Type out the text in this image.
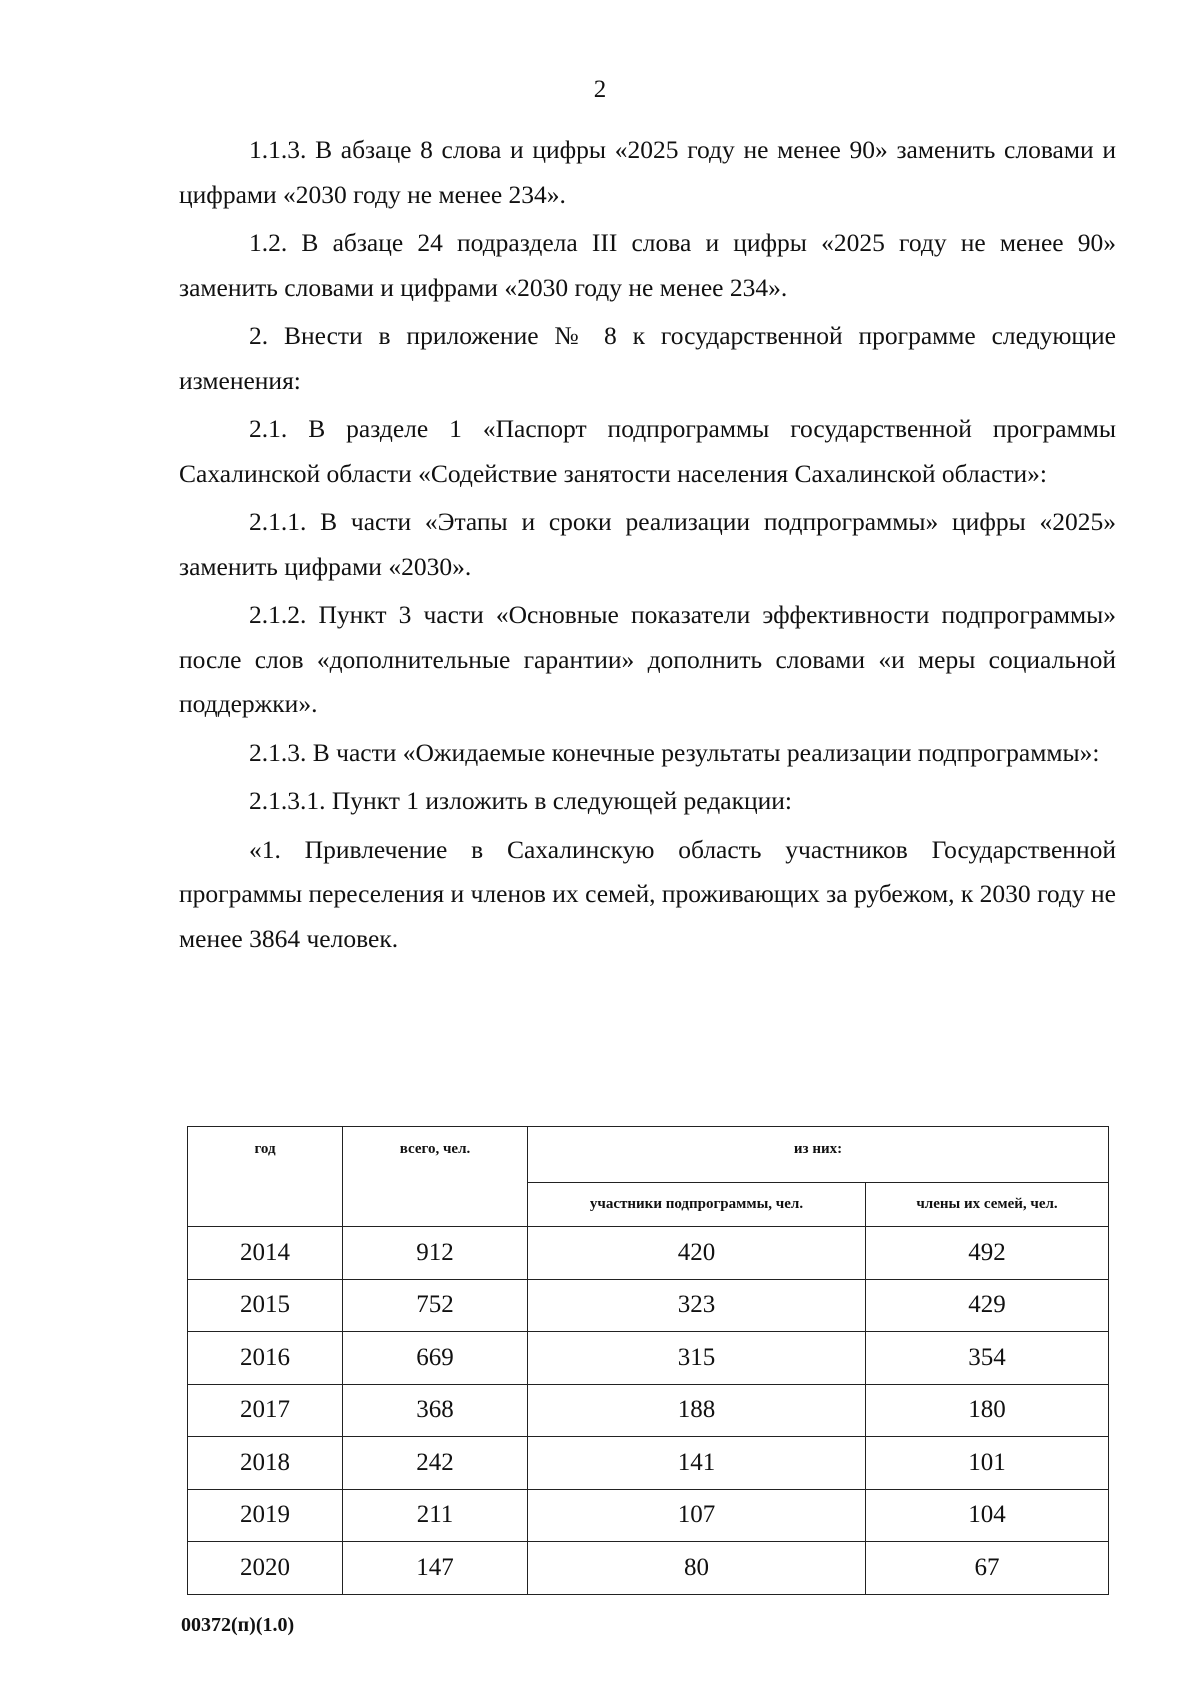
2

1.1.3. В абзаце 8 слова и цифры «2025 году не менее 90» заменить словами и цифрами «2030 году не менее 234».

1.2. В абзаце 24 подраздела III слова и цифры «2025 году не менее 90» заменить словами и цифрами «2030 году не менее 234».

2. Внести в приложение № 8 к государственной программе следующие изменения:

2.1. В разделе 1 «Паспорт подпрограммы государственной программы Сахалинской области «Содействие занятости населения Сахалинской области»:

2.1.1. В части «Этапы и сроки реализации подпрограммы» цифры «2025» заменить цифрами «2030».

2.1.2. Пункт 3 части «Основные показатели эффективности подпрограммы» после слов «дополнительные гарантии» дополнить словами «и меры социальной поддержки».

2.1.3. В части «Ожидаемые конечные результаты реализации подпрограммы»:

2.1.3.1. Пункт 1 изложить в следующей редакции:

«1. Привлечение в Сахалинскую область участников Государственной программы переселения и членов их семей, проживающих за рубежом, к 2030 году не менее 3864 человек.

год	всего, чел.	из них:	
		участники подпрограммы, чел.	члены их семей, чел.
2014	912	420	492
2015	752	323	429
2016	669	315	354
2017	368	188	180
2018	242	141	101
2019	211	107	104
2020	147	80	67
00372(п)(1.0)
